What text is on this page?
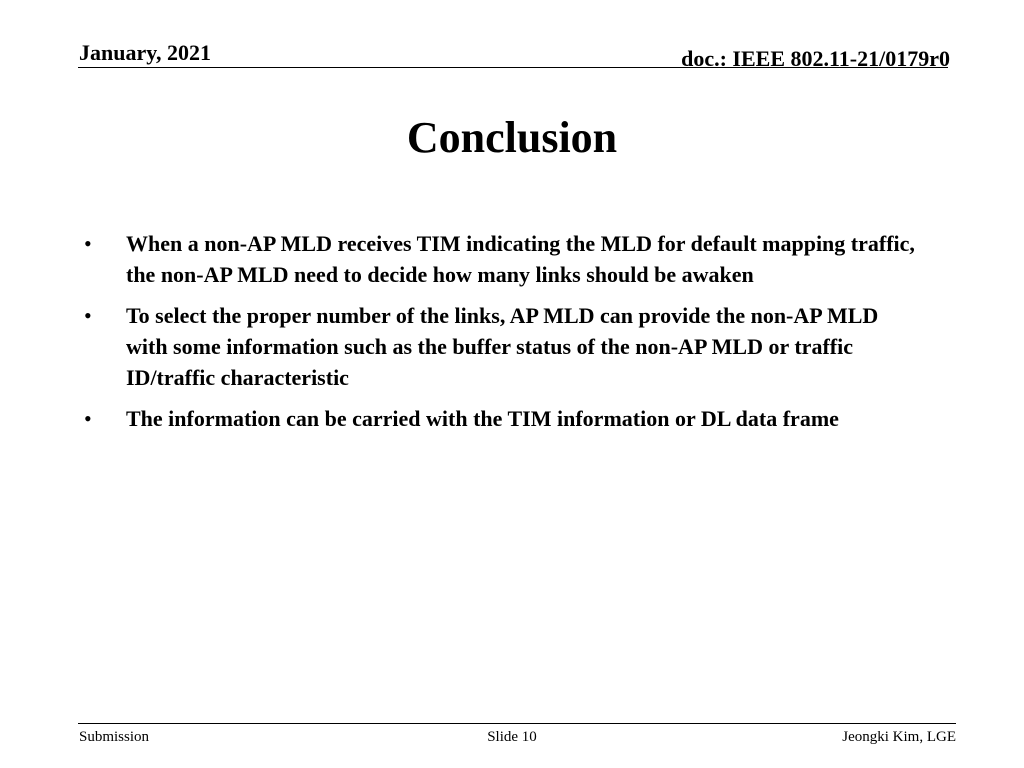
January, 2021	doc.: IEEE 802.11-21/0179r0
Conclusion
•	When a non-AP MLD receives TIM indicating the MLD for default mapping traffic, the non-AP MLD need to decide how many links should be awaken
•	To select the proper number of the links, AP MLD can provide the non-AP MLD with some information such as the buffer status of the non-AP MLD or traffic ID/traffic characteristic
•	The information can be carried with the TIM information or DL data frame
Submission	Slide 10	Jeongki Kim, LGE
